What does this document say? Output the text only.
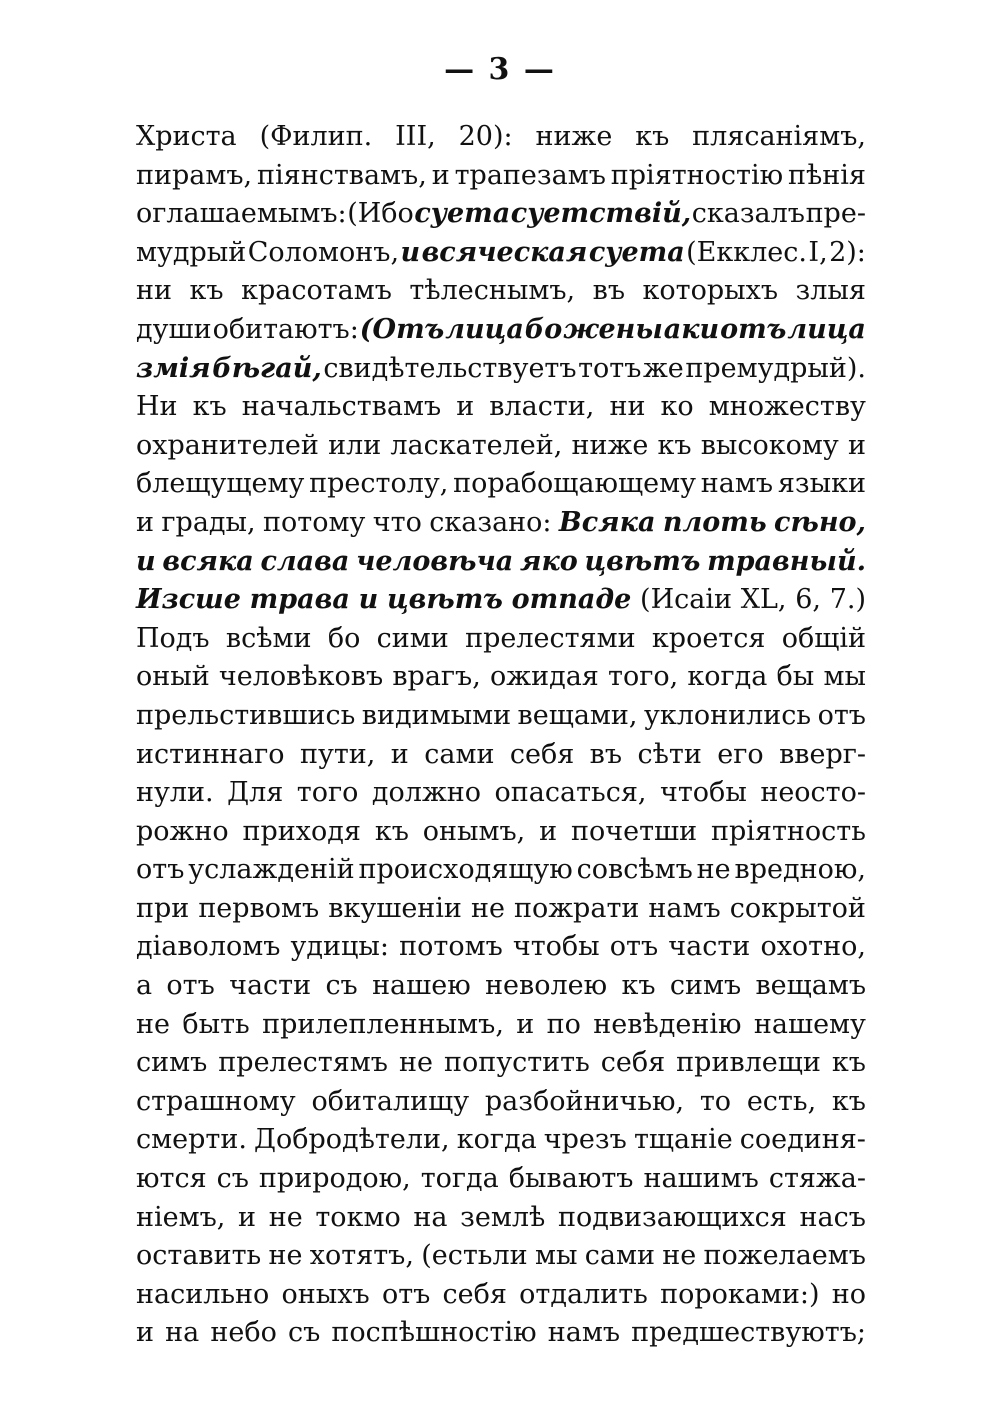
— 3 —
Христа (Филип. III, 20): ниже къ плясаніямъ,
пирамъ, піянствамъ, и трапезамъ пріятностію пѣнія
оглашаемымъ: (Ибо суета суетствій, сказалъ пре-
мудрый Соломонъ, и всяческая суета (Екклес. I, 2):
ни къ красотамъ тѣлеснымъ, въ которыхъ злыя
души обитаютъ: (Отъ лица бо жены аки отъ лица
змія бѣгай, свидѣтельствуетъ тотъ же премудрый).
Ни къ начальствамъ и власти, ни ко множеству
охранителей или ласкателей, ниже къ высокому и
блещущему престолу, порабощающему намъ языки
и грады, потому что сказано: Всяка плоть сѣно,
и всяка слава человѣча яко цвѣтъ травный.
Изсше трава и цвѣтъ отпаде (Исаіи XL, 6, 7.)
Подъ всѣми бо сими прелестями кроется общій
оный человѣковъ врагъ, ожидая того, когда бы мы
прельстившись видимыми вещами, уклонились отъ
истиннаго пути, и сами себя въ сѣти его вверг-
нули. Для того должно опасаться, чтобы неосто-
рожно приходя къ онымъ, и почетши пріятность
отъ услажденій происходящую совсѣмъ не вредною,
при первомъ вкушеніи не пожрати намъ сокрытой
діаволомъ удицы: потомъ чтобы отъ части охотно,
а отъ части съ нашею неволею къ симъ вещамъ
не быть прилепленнымъ, и по невѣденію нашему
симъ прелестямъ не попустить себя привлещи къ
страшному обиталищу разбойничью, то есть, къ
смерти. Добродѣтели, когда чрезъ тщаніе соединя-
ются съ природою, тогда бываютъ нашимъ стяжа-
ніемъ, и не токмо на землѣ подвизающихся насъ
оставить не хотятъ, (естьли мы сами не пожелаемъ
насильно оныхъ отъ себя отдалить пороками:) но
и на небо съ поспѣшностію намъ предшествуютъ;
